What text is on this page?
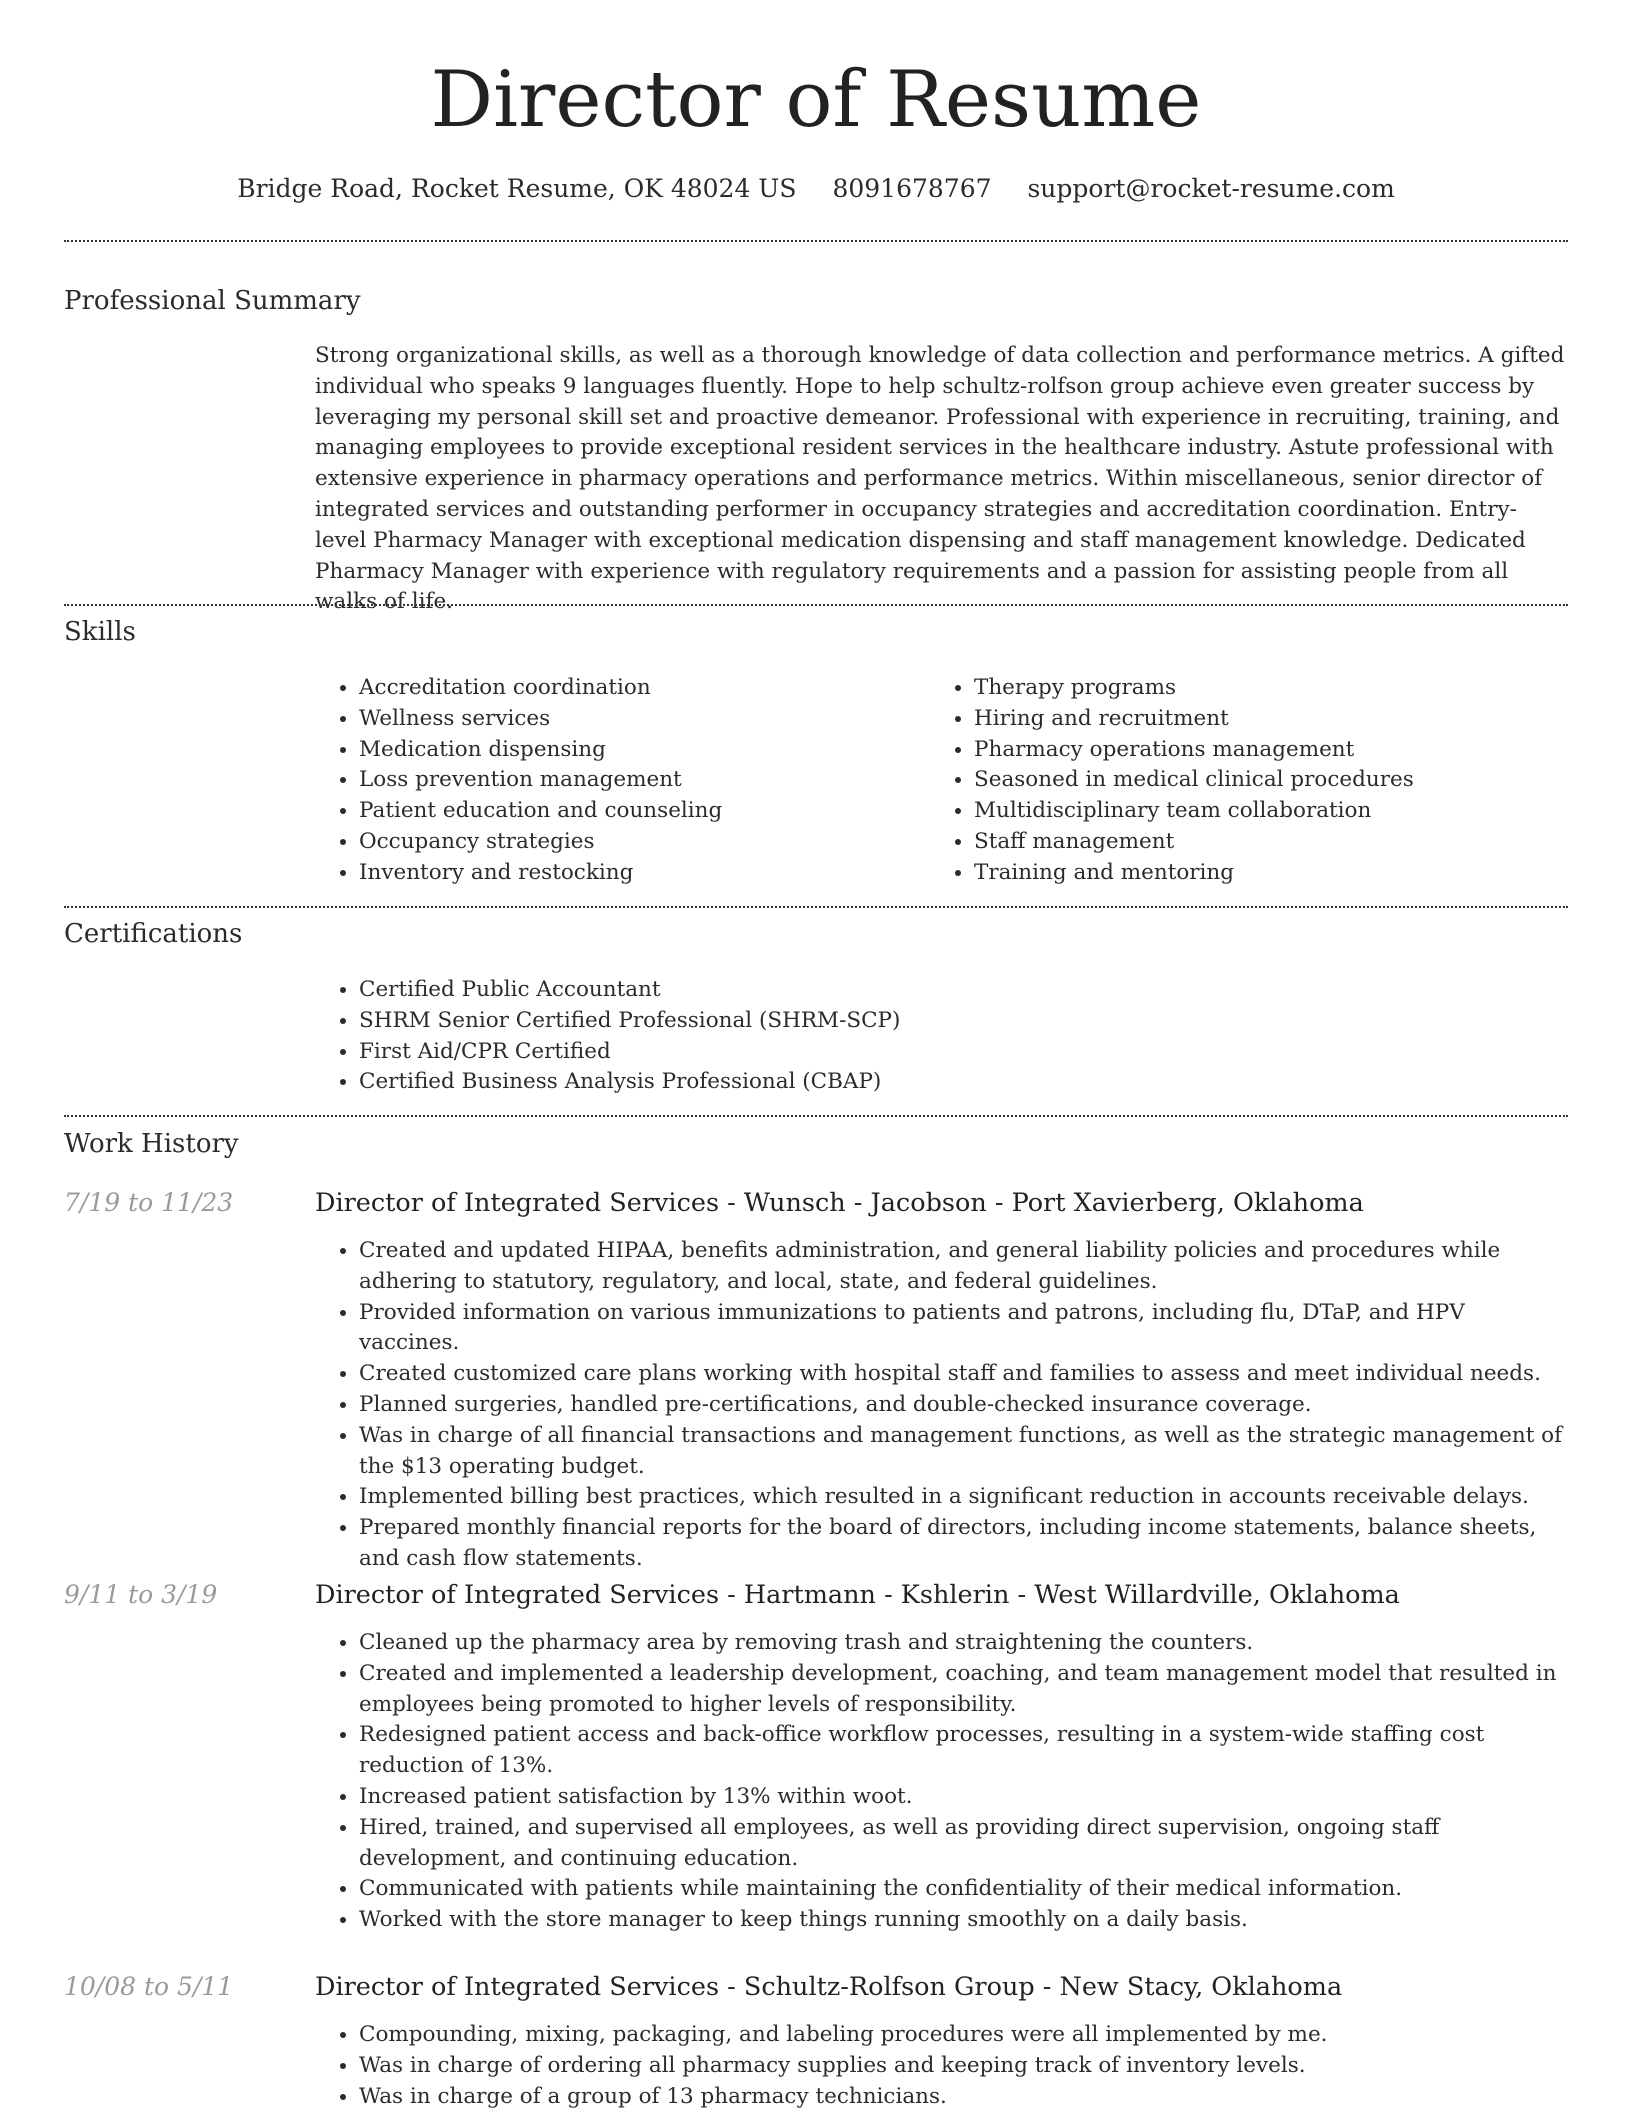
Director of Resume
Bridge Road, Rocket Resume, OK 48024 US 8091678767 support@rocket-resume.com
Professional Summary

Strong organizational skills, as well as a thorough knowledge of data collection and performance metrics. A gifted individual who speaks 9 languages fluently. Hope to help schultz-rolfson group achieve even greater success by leveraging my personal skill set and proactive demeanor. Professional with experience in recruiting, training, and managing employees to provide exceptional resident services in the healthcare industry. Astute professional with extensive experience in pharmacy operations and performance metrics. Within miscellaneous, senior director of integrated services and outstanding performer in occupancy strategies and accreditation coordination. Entry-level Pharmacy Manager with exceptional medication dispensing and staff management knowledge. Dedicated Pharmacy Manager with experience with regulatory requirements and a passion for assisting people from all walks of life.

Skills
• Accreditation coordination
• Wellness services
• Medication dispensing
• Loss prevention management
• Patient education and counseling
• Occupancy strategies
• Inventory and restocking
• Therapy programs
• Hiring and recruitment
• Pharmacy operations management
• Seasoned in medical clinical procedures
• Multidisciplinary team collaboration
• Staff management
• Training and mentoring
Certifications
• Certified Public Accountant
• SHRM Senior Certified Professional (SHRM-SCP)
• First Aid/CPR Certified
• Certified Business Analysis Professional (CBAP)
Work History
7/19 to 11/23	Director of Integrated Services - Wunsch - Jacobson - Port Xavierberg, Oklahoma
• Created and updated HIPAA, benefits administration, and general liability policies and procedures while adhering to statutory, regulatory, and local, state, and federal guidelines.
• Provided information on various immunizations to patients and patrons, including flu, DTaP, and HPV vaccines.
• Created customized care plans working with hospital staff and families to assess and meet individual needs.
• Planned surgeries, handled pre-certifications, and double-checked insurance coverage.
• Was in charge of all financial transactions and management functions, as well as the strategic management of the $13 operating budget.
• Implemented billing best practices, which resulted in a significant reduction in accounts receivable delays.
• Prepared monthly financial reports for the board of directors, including income statements, balance sheets, and cash flow statements.
9/11 to 3/19	Director of Integrated Services - Hartmann - Kshlerin - West Willardville, Oklahoma
• Cleaned up the pharmacy area by removing trash and straightening the counters.
• Created and implemented a leadership development, coaching, and team management model that resulted in employees being promoted to higher levels of responsibility.
• Redesigned patient access and back-office workflow processes, resulting in a system-wide staffing cost reduction of 13%.
• Increased patient satisfaction by 13% within woot.
• Hired, trained, and supervised all employees, as well as providing direct supervision, ongoing staff development, and continuing education.
• Communicated with patients while maintaining the confidentiality of their medical information.
• Worked with the store manager to keep things running smoothly on a daily basis.
10/08 to 5/11	Director of Integrated Services - Schultz-Rolfson Group - New Stacy, Oklahoma
• Compounding, mixing, packaging, and labeling procedures were all implemented by me.
• Was in charge of ordering all pharmacy supplies and keeping track of inventory levels.
• Was in charge of a group of 13 pharmacy technicians.
